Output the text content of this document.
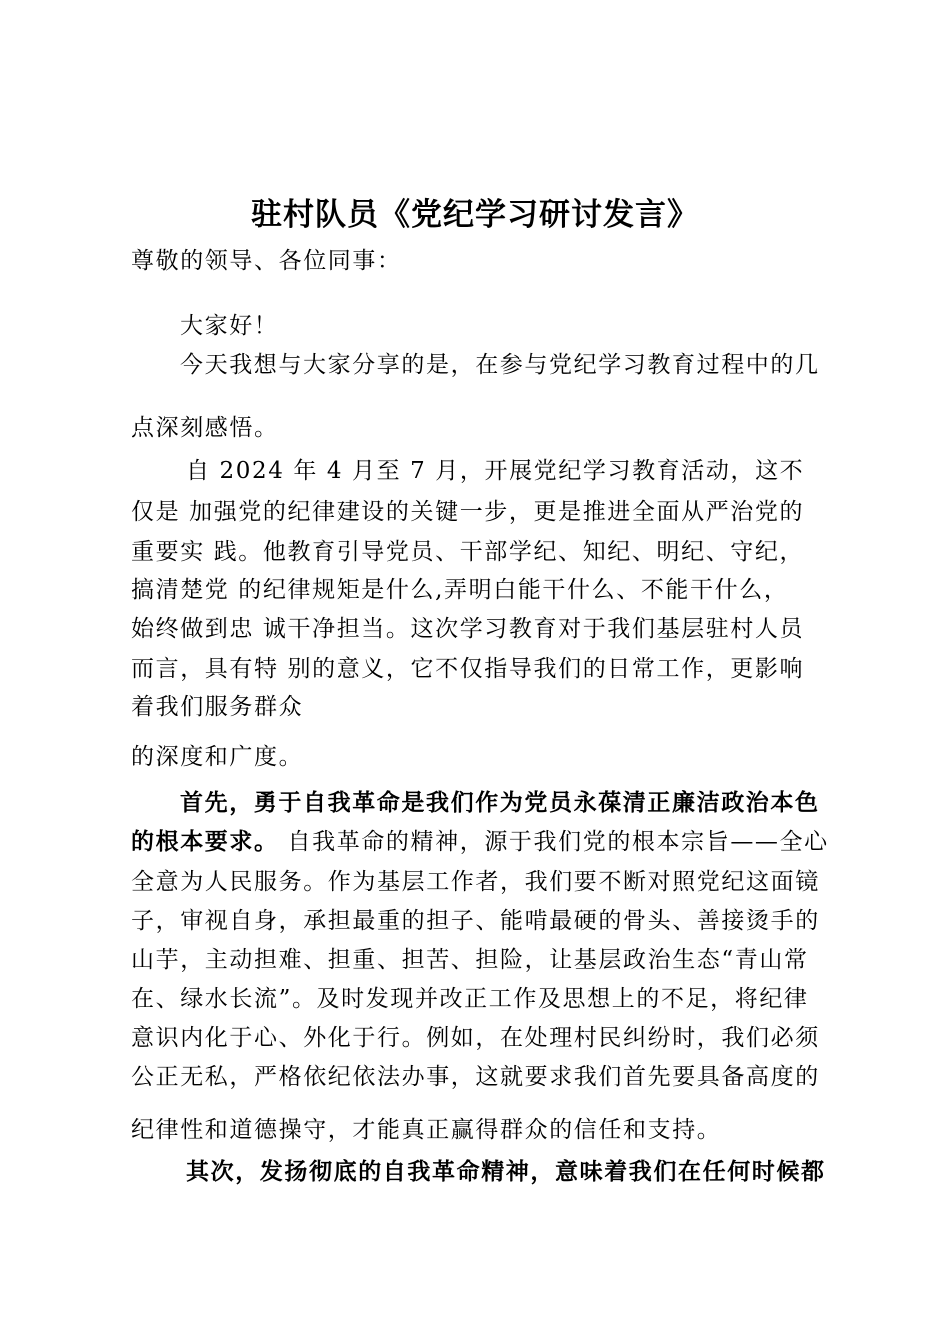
驻村队员《党纪学习研讨发言》
尊敬的领导、各位同事：
大家好！
今天我想与大家分享的是，在参与党纪学习教育过程中的几
点深刻感悟。
自 2024 年 4 月至 7 月，开展党纪学习教育活动，这不
仅是 加强党的纪律建设的关键一步，更是推进全面从严治党的
重要实 践。他教育引导党员、干部学纪、知纪、明纪、守纪，
搞清楚党 的纪律规矩是什么,弄明白能干什么、不能干什么，
始终做到忠 诚干净担当。这次学习教育对于我们基层驻村人员
而言，具有特 别的意义，它不仅指导我们的日常工作，更影响
着我们服务群众
的深度和广度。
首先，勇于自我革命是我们作为党员永葆清正廉洁政治本色
的根本要求。 自我革命的精神，源于我们党的根本宗旨——全心
全意为人民服务。作为基层工作者，我们要不断对照党纪这面镜
子，审视自身，承担最重的担子、能啃最硬的骨头、善接烫手的
山芋，主动担难、担重、担苦、担险，让基层政治生态“青山常
在、绿水长流”。及时发现并改正工作及思想上的不足，将纪律
意识内化于心、外化于行。例如，在处理村民纠纷时，我们必须
公正无私，严格依纪依法办事，这就要求我们首先要具备高度的
纪律性和道德操守，才能真正赢得群众的信任和支持。
其次，发扬彻底的自我革命精神，意味着我们在任何时候都
